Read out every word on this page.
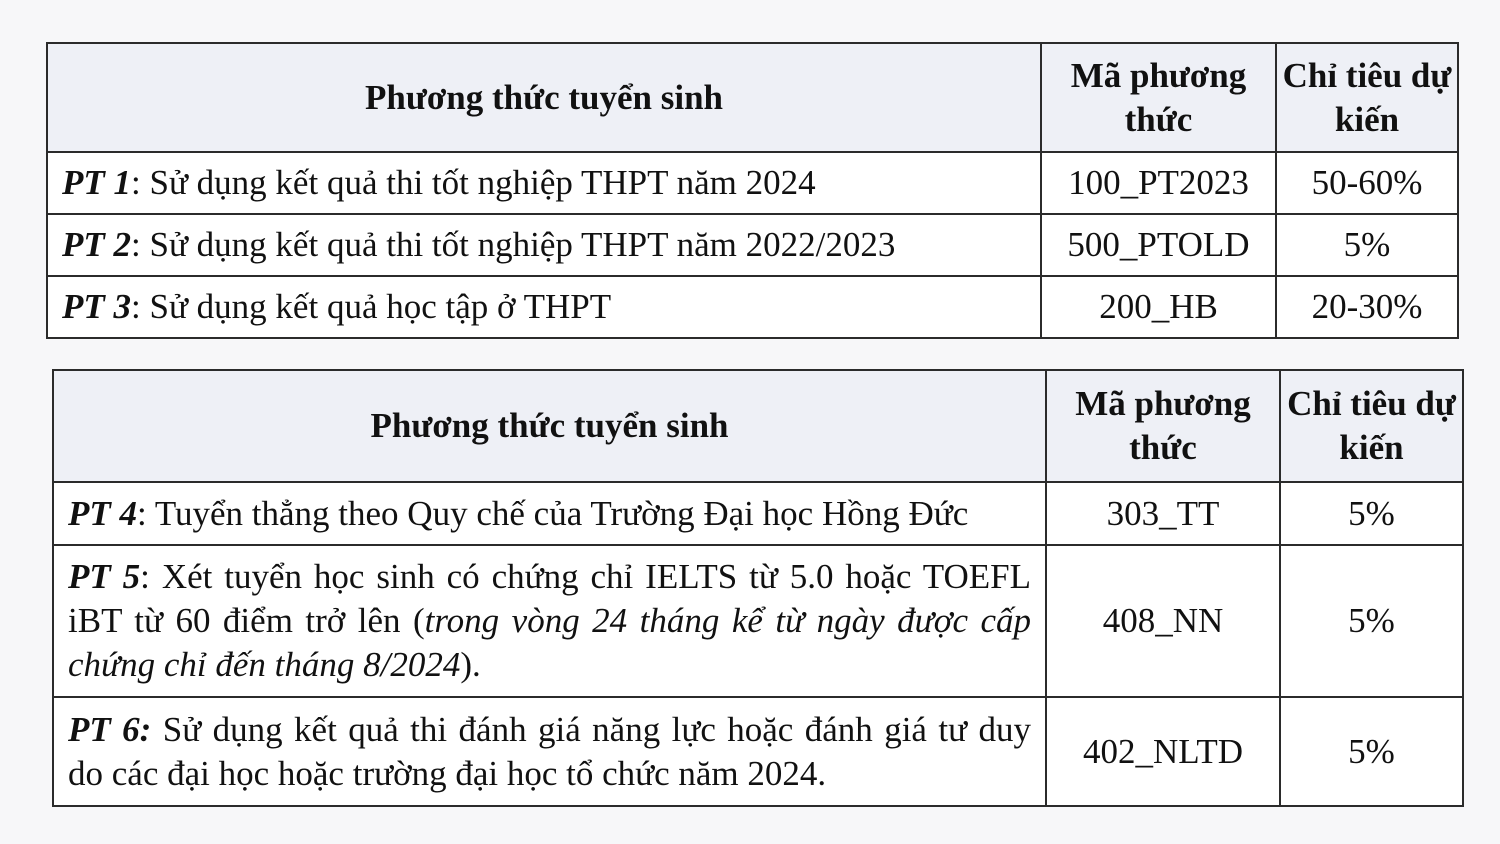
Phương thức tuyển sinh	Mã phương thức	Chỉ tiêu dự kiến
PT 1: Sử dụng kết quả thi tốt nghiệp THPT năm 2024	100_PT2023	50-60%
PT 2: Sử dụng kết quả thi tốt nghiệp THPT năm 2022/2023	500_PTOLD	5%
PT 3: Sử dụng kết quả học tập ở THPT	200_HB	20-30%
Phương thức tuyển sinh	Mã phương thức	Chỉ tiêu dự kiến
PT 4: Tuyển thẳng theo Quy chế của Trường Đại học Hồng Đức	303_TT	5%
PT 5: Xét tuyển học sinh có chứng chỉ IELTS từ 5.0 hoặc TOEFL iBT từ 60 điểm trở lên (trong vòng 24 tháng kể từ ngày được cấp chứng chỉ đến tháng 8/2024).	408_NN	5%
PT 6: Sử dụng kết quả thi đánh giá năng lực hoặc đánh giá tư duy do các đại học hoặc trường đại học tổ chức năm 2024.	402_NLTD	5%
